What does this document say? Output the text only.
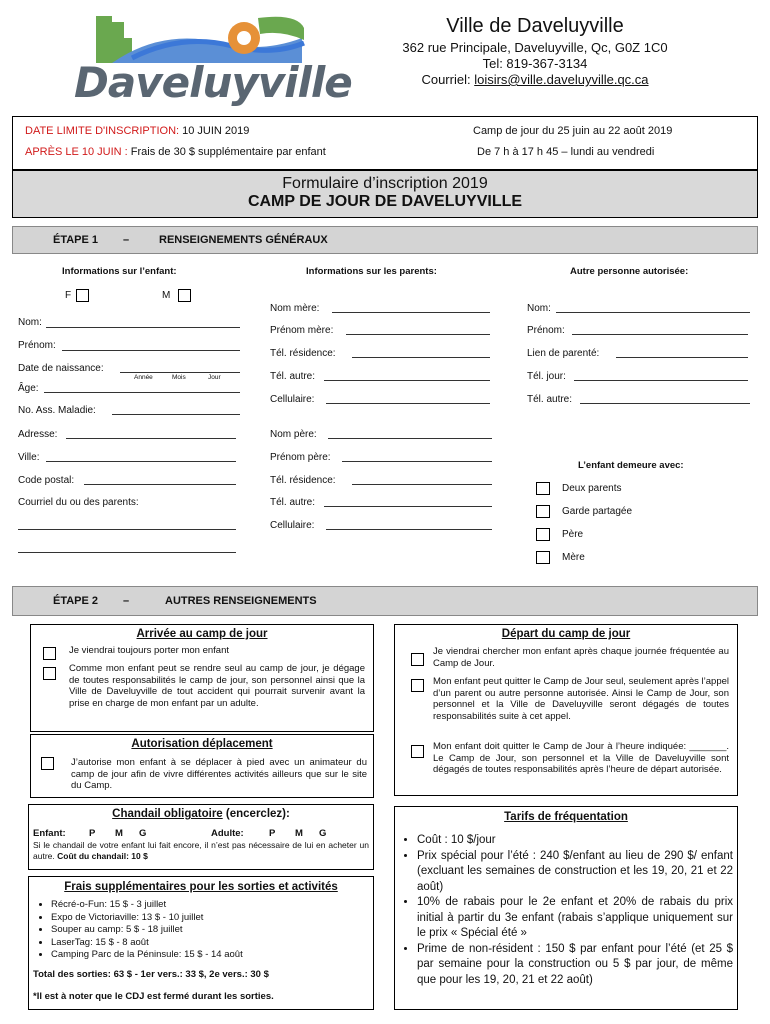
Daveluyville
Ville de Daveluyville
362 rue Principale, Daveluyville, Qc, G0Z 1C0
Tel: 819-367-3134
Courriel: loisirs@ville.daveluyville.qc.ca
DATE LIMITE D'INSCRIPTION: 10 JUIN 2019
APRÈS LE 10 JUIN : Frais de 30 $ supplémentaire par enfant
Camp de jour du 25 juin au 22 août 2019
De 7 h à 17 h 45 – lundi au vendredi
Formulaire d’inscription 2019
CAMP DE JOUR DE DAVELUYVILLE
ÉTAPE 1 –	RENSEIGNEMENTS GÉNÉRAUX
Informations sur l’enfant:	Informations sur les parents:	Autre personne autorisée:
F	M
Nom:
Prénom:
Date de naissance:
Année	Mois	Jour
Âge:
No. Ass. Maladie:
Adresse:
Ville:
Code postal:
Courriel du ou des parents:
Nom mère:
Prénom mère:
Tél. résidence:
Tél. autre:
Cellulaire:
Nom père:
Prénom père:
Tél. résidence:
Tél. autre:
Cellulaire:
Nom:
Prénom:
Lien de parenté:
Tél. jour:
Tél. autre:
L’enfant demeure avec:
Deux parents
Garde partagée
Père
Mère
ÉTAPE 2 –	AUTRES RENSEIGNEMENTS
Arrivée au camp de jour
Je viendrai toujours porter mon enfant
Comme mon enfant peut se rendre seul au camp de jour, je dégage de toutes responsabilités le camp de jour, son personnel ainsi que la Ville de Daveluyville de tout accident qui pourrait survenir avant la prise en charge de mon enfant par un adulte.
Autorisation déplacement
J’autorise mon enfant à se déplacer à pied avec un animateur du camp de jour afin de vivre différentes activités ailleurs que sur le site du Camp.
Départ du camp de jour
Je viendrai chercher mon enfant après chaque journée fréquentée au Camp de Jour.
Mon enfant peut quitter le Camp de Jour seul, seulement après l’appel d’un parent ou autre personne autorisée. Ainsi le Camp de Jour, son personnel et la Ville de Daveluyville seront dégagés de toutes responsabilités suite à cet appel.
Mon enfant doit quitter le Camp de Jour à l’heure indiquée: _______. Le Camp de Jour, son personnel et la Ville de Daveluyville sont dégagés de toutes responsabilités après l’heure de départ autorisée.
Chandail obligatoire (encerclez):
Enfant: P M G	Adulte:	P M G
Si le chandail de votre enfant lui fait encore, il n’est pas nécessaire de lui en acheter un autre. Coût du chandail: 10 $
Frais supplémentaires pour les sorties et activités
• Récré-o-Fun: 15 $ - 3 juillet
• Expo de Victoriaville: 13 $ - 10 juillet
• Souper au camp: 5 $ - 18 juillet
• LaserTag: 15 $ - 8 août
• Camping Parc de la Péninsule: 15 $ - 14 août
Total des sorties: 63 $ - 1er vers.: 33 $, 2e vers.: 30 $
*Il est à noter que le CDJ est fermé durant les sorties.
Tarifs de fréquentation
• Coût : 10 $/jour
• Prix spécial pour l’été : 240 $/enfant au lieu de 290 $/ enfant (excluant les semaines de construction et les 19, 20, 21 et 22 août)
• 10% de rabais pour le 2e enfant et 20% de rabais du prix initial à partir du 3e enfant (rabais s’applique uniquement sur le prix « Spécial été »
• Prime de non-résident : 150 $ par enfant pour l’été (et 25 $ par semaine pour la construction ou 5 $ par jour, de même que pour les 19, 20, 21 et 22 août)
